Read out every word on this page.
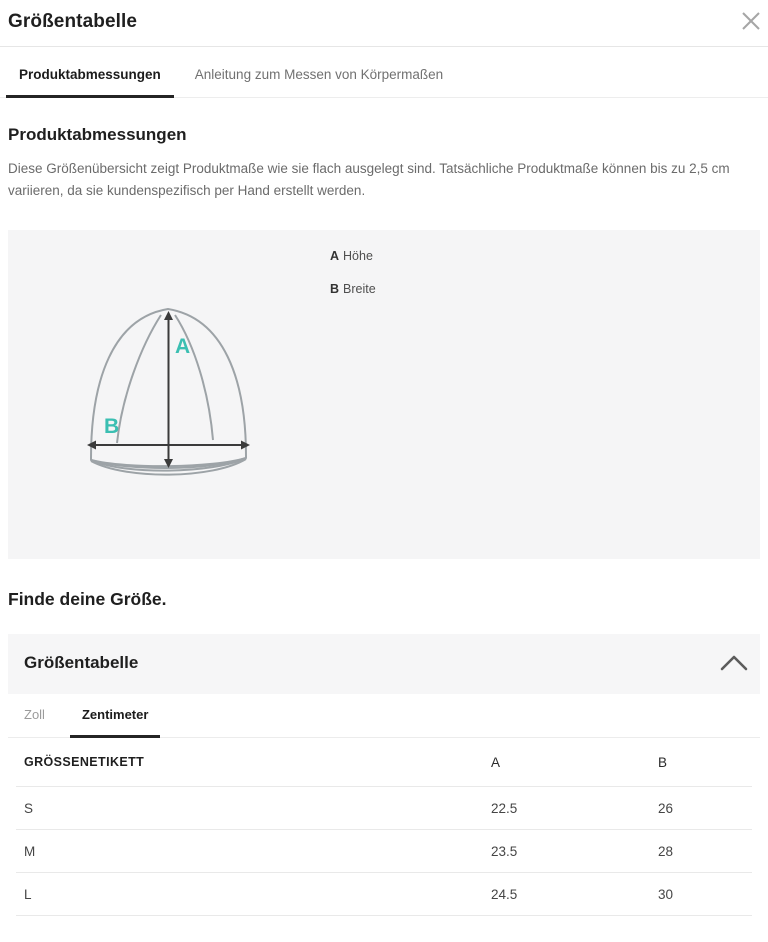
Größentabelle
Produktabmessungen	Anleitung zum Messen von Körpermaßen
Produktabmessungen

Diese Größenübersicht zeigt Produktmaße wie sie flach ausgelegt sind. Tatsächliche Produktmaße können bis zu 2,5 cm variieren, da sie kundenspezifisch per Hand erstellt werden.

A
B
A Höhe
B Breite
Finde deine Größe.
Größentabelle
Zoll	Zentimeter
GRÖSSENETIKETT	A	B
S	22.5	26
M	23.5	28
L	24.5	30
